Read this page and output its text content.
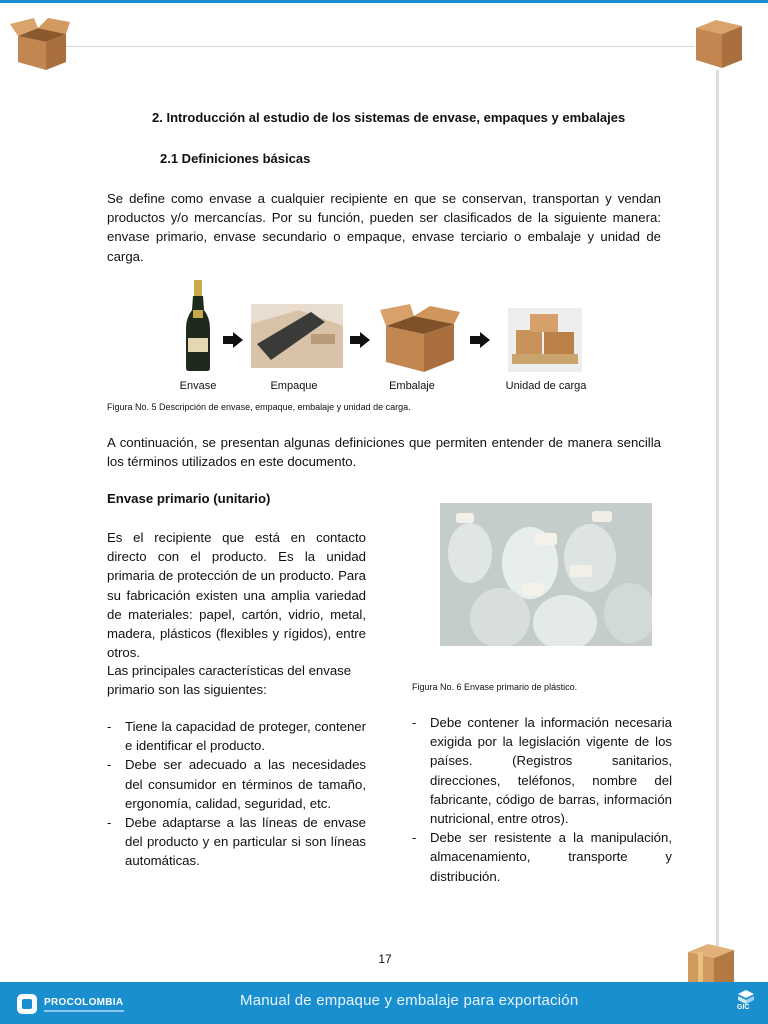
2. Introducción al estudio de los sistemas de envase, empaques y embalajes
2.1 Definiciones básicas
Se define como envase a cualquier recipiente en que se conservan, transportan y vendan productos y/o mercancías. Por su función, pueden ser clasificados de la siguiente manera: envase primario, envase secundario o empaque, envase terciario o embalaje y unidad de carga.
Envase	Empaque	Embalaje	Unidad de carga
Figura No. 5 Descripción de envase, empaque, embalaje y unidad de carga.
A continuación, se presentan algunas definiciones que permiten entender de manera sencilla los términos utilizados en este documento.
Envase primario (unitario)
Es el recipiente que está en contacto directo con el producto. Es la unidad primaria de protección de un producto. Para su fabricación existen una amplia variedad de materiales: papel, cartón, vidrio, metal, madera, plásticos (flexibles y rígidos), entre otros.
Las principales características del envase primario son las siguientes:	Figura No. 6 Envase primario de plástico.
- Tiene la capacidad de proteger, contener e identificar el producto.
- Debe ser adecuado a las necesidades del consumidor en términos de tamaño, ergonomía, calidad, seguridad, etc.
- Debe adaptarse a las líneas de envase del producto y en particular si son líneas automáticas.
- Debe contener la información necesaria exigida por la legislación vigente de los países. (Registros sanitarios, direcciones, teléfonos, nombre del fabricante, código de barras, información nutricional, entre otros).
- Debe ser resistente a la manipulación, almacenamiento, transporte y distribución.
17
PROCOLOMBIA	Manual de empaque y embalaje para exportación	GIC
